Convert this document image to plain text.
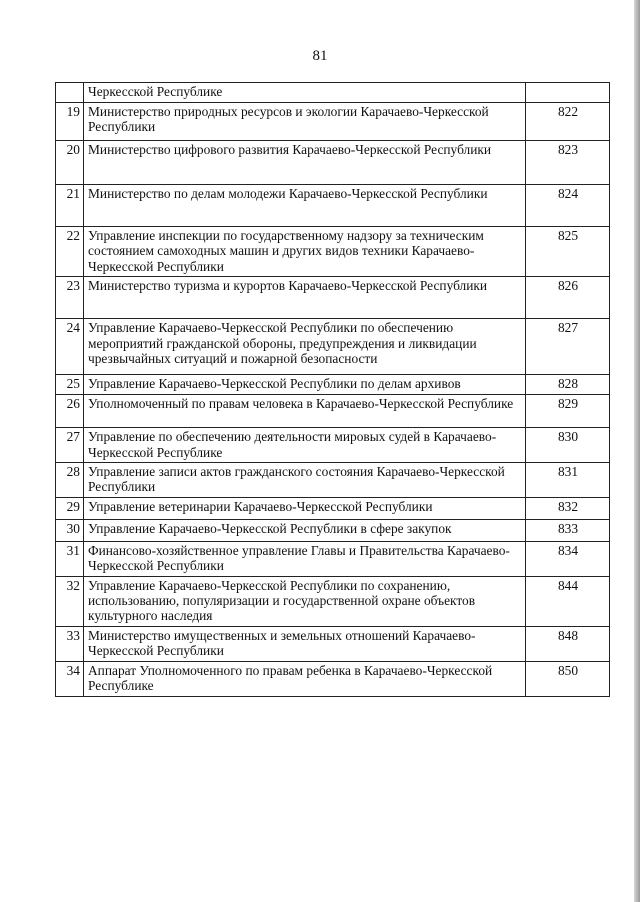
81
	Черкесской Республике	
19	Министерство природных ресурсов и экологии Карачаево-Черкесской Республики	822
20	Министерство цифрового развития Карачаево-Черкесской Республики	823
21	Министерство по делам молодежи Карачаево-Черкесской Республики	824
22	Управление инспекции по государственному надзору за техническим состоянием самоходных машин и других видов техники Карачаево-Черкесской Республики	825
23	Министерство туризма и курортов Карачаево-Черкесской Республики	826
24	Управление Карачаево-Черкесской Республики по обеспечению мероприятий гражданской обороны, предупреждения и ликвидации чрезвычайных ситуаций и пожарной безопасности	827
25	Управление Карачаево-Черкесской Республики по делам архивов	828
26	Уполномоченный по правам человека в Карачаево-Черкесской Республике	829
27	Управление по обеспечению деятельности мировых судей в Карачаево-Черкесской Республике	830
28	Управление записи актов гражданского состояния Карачаево-Черкесской Республики	831
29	Управление ветеринарии Карачаево-Черкесской Республики	832
30	Управление Карачаево-Черкесской Республики в сфере закупок	833
31	Финансово-хозяйственное управление Главы и Правительства Карачаево-Черкесской Республики	834
32	Управление Карачаево-Черкесской Республики по сохранению, использованию, популяризации и государственной охране объектов культурного наследия	844
33	Министерство имущественных и земельных отношений Карачаево-Черкесской Республики	848
34	Аппарат Уполномоченного по правам ребенка в Карачаево-Черкесской Республике	850
